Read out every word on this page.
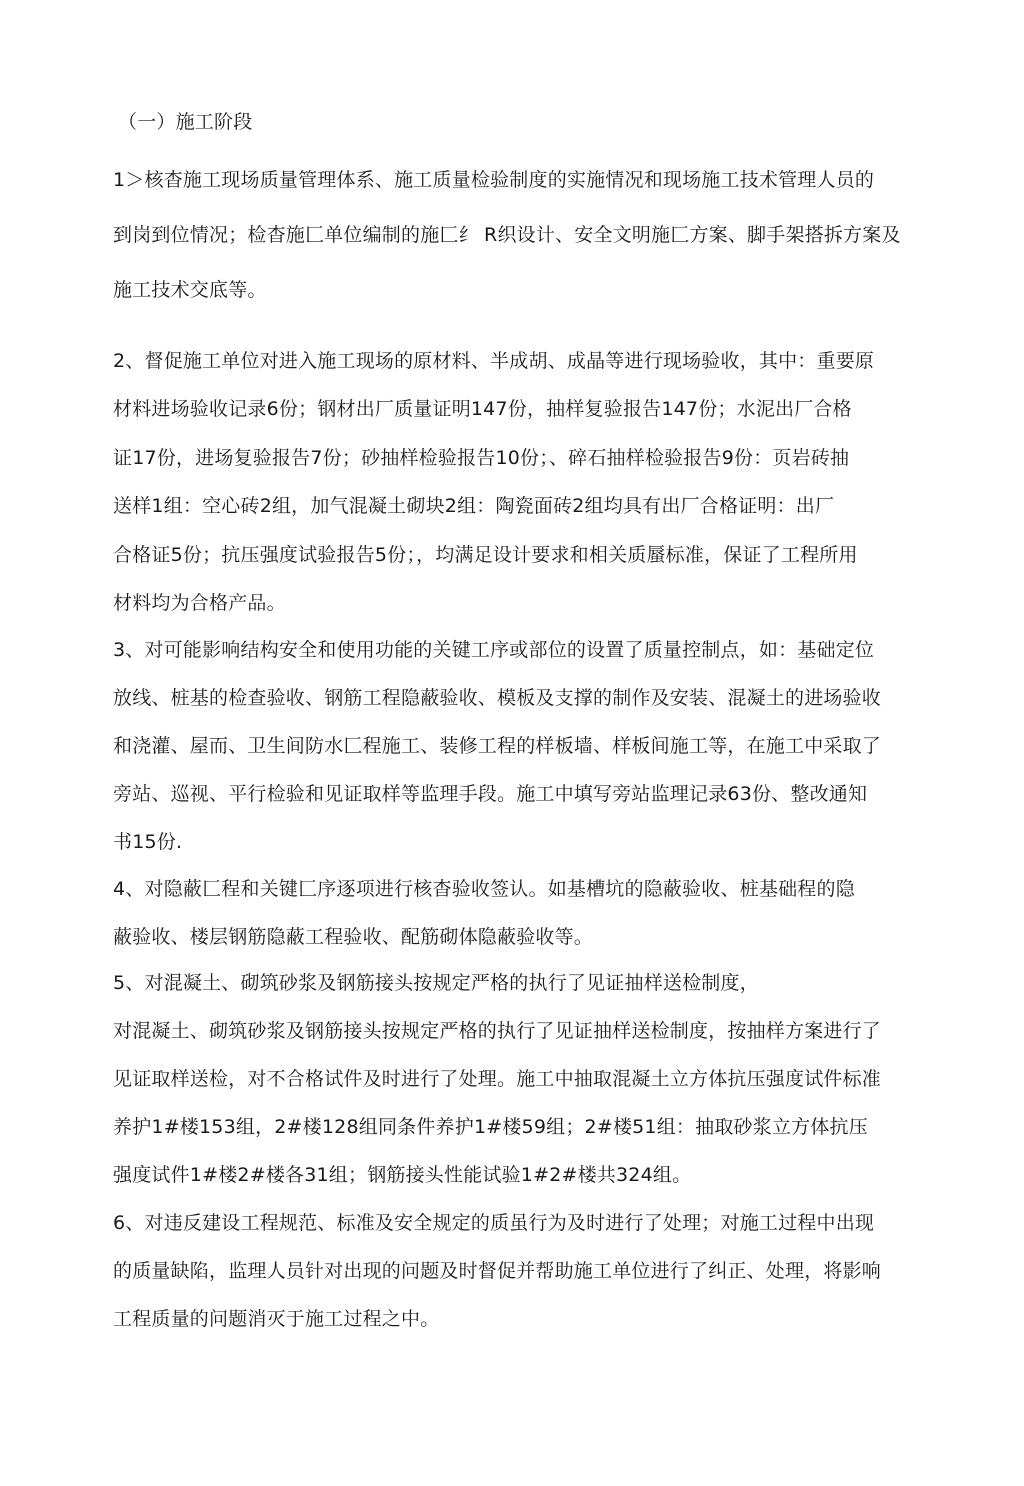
（一）施工阶段
1＞核杳施工现场质量管理体系、施工质量检验制度的实施情况和现场施工技术管理人员的
到岗到位情况；检杳施匚单位编制的施匚纟 R织设计、安全文明施匚方案、脚手架搭拆方案及
施工技术交底等。
2、督促施工单位对进入施工现场的原材料、半成胡、成晶等进行现场验收，其中：重要原
材料进场验收记录6份；钢材出厂质量证明147份，抽样复验报告147份；水泥出厂合格
证17份，进场复验报告7份；砂抽样检验报告10份；、碎石抽样检验报告9份：页岩砖抽
送样1组：空心砖2组，加气混凝土砌块2组：陶瓷面砖2组均具有出厂合格证明：出厂
合格证5份；抗压强度试验报告5份；，均满足设计要求和相关质蜃标准，保证了工程所用
材料均为合格产品。
3、对可能影响结构安全和使用功能的关键工序或部位的设置了质量控制点，如：基础定位
放线、桩基的检查验收、钢筋工程隐蔽验收、模板及支撑的制作及安装、混凝土的进场验收
和浇灌、屋而、卫生间防水匚程施工、装修工程的样板墙、样板间施工等，在施工中采取了
旁站、巡视、平行检验和见证取样等监理手段。施工中填写旁站监理记录63份、整改通知
书15份.
4、对隐蔽匚程和关键匚序逐项进行核杳验收签认。如基槽坑的隐蔽验收、桩基础程的隐
蔽验收、楼层钢筋隐蔽工程验收、配筋砌体隐蔽验收等。
5、对混凝土、砌筑砂浆及钢筋接头按规定严格的执行了见证抽样送检制度，
对混凝土、砌筑砂浆及钢筋接头按规定严格的执行了见证抽样送检制度，按抽样方案进行了
见证取样送检，对不合格试件及时进行了处理。施工中抽取混凝土立方体抗压强度试件标准
养护1#楼153组，2#楼128组同条件养护1#楼59组；2#楼51组：抽取砂浆立方体抗压
强度试件1#楼2#楼各31组；钢筋接头性能试验1#2#楼共324组。
6、对违反建设工程规范、标准及安全规定的质虽行为及时进行了处理；对施工过程中出现
的质量缺陷，监理人员针对出现的问题及时督促并帮助施工单位进行了纠正、处理，将影响
工程质量的问题消灭于施工过程之中。
